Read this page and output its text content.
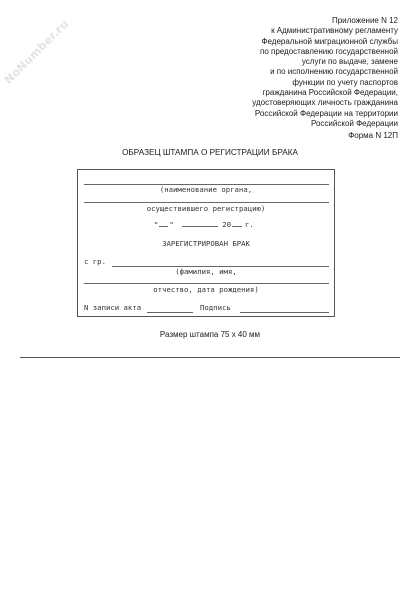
NoNumber.ru	Приложение N 12
к Административному регламенту
Федеральной миграционной службы
по предоставлению государственной
услуги по выдаче, замене
и по исполнению государственной
функции по учету паспортов
гражданина Российской Федерации,
удостоверяющих личность гражданина
Российской Федерации на территории
Российской Федерации
Форма N 12П
ОБРАЗЕЦ ШТАМПА О РЕГИСТРАЦИИ БРАКА
(наименование органа,
осуществившего регистрацию)
" "	20 г.
ЗАРЕГИСТРИРОВАН БРАК
с гр.
(фамилия, имя,
отчество, дата рождения)
N записи акта	Подпись
Размер штампа 75 x 40 мм
